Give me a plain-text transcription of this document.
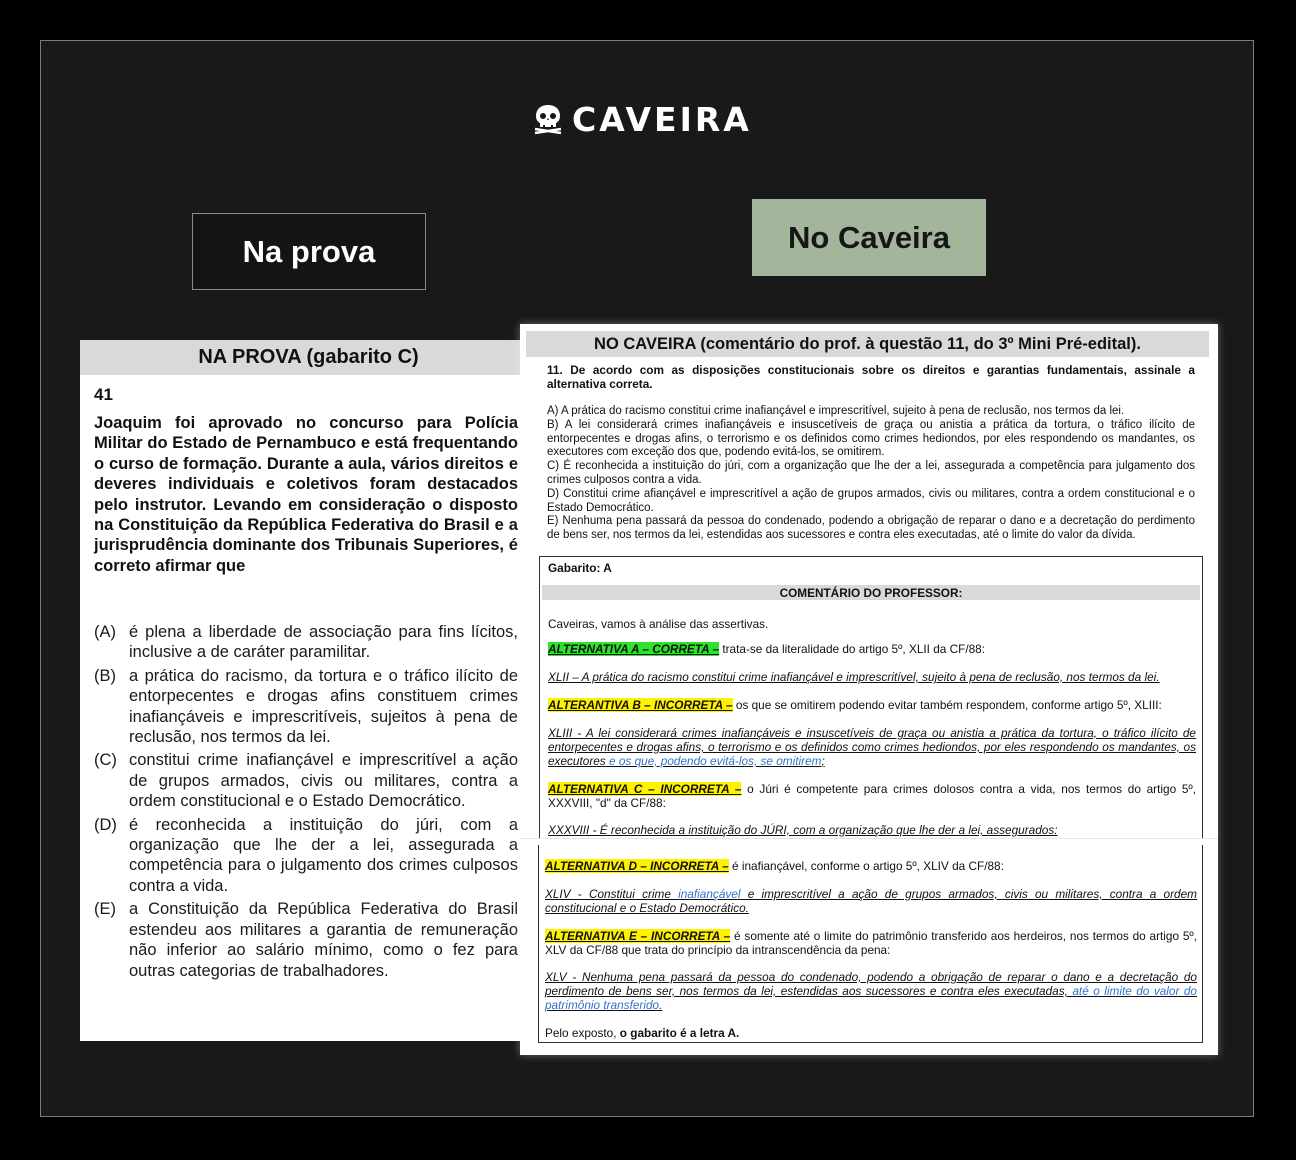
CAVEIRA
Na prova	No Caveira
NA PROVA (gabarito C)
41
Joaquim foi aprovado no concurso para Polícia Militar do Estado de Pernambuco e está frequentando o curso de formação. Durante a aula, vários direitos e deveres individuais e coletivos foram destacados pelo instrutor. Levando em consideração o disposto na Constituição da República Federativa do Brasil e a jurisprudência dominante dos Tribunais Superiores, é correto afirmar que
(A) é plena a liberdade de associação para fins lícitos, inclusive a de caráter paramilitar.
(B) a prática do racismo, da tortura e o tráfico ilícito de entorpecentes e drogas afins constituem crimes inafiançáveis e imprescritíveis, sujeitos à pena de reclusão, nos termos da lei.
(C) constitui crime inafiançável e imprescritível a ação de grupos armados, civis ou militares, contra a ordem constitucional e o Estado Democrático.
(D) é reconhecida a instituição do júri, com a organização que lhe der a lei, assegurada a competência para o julgamento dos crimes culposos contra a vida.
(E) a Constituição da República Federativa do Brasil estendeu aos militares a garantia de remuneração não inferior ao salário mínimo, como o fez para outras categorias de trabalhadores.
NO CAVEIRA (comentário do prof. à questão 11, do 3º Mini Pré-edital).
11. De acordo com as disposições constitucionais sobre os direitos e garantias fundamentais, assinale a alternativa correta.
A) A prática do racismo constitui crime inafiançável e imprescritível, sujeito à pena de reclusão, nos termos da lei.
B) A lei considerará crimes inafiançáveis e insuscetíveis de graça ou anistia a prática da tortura, o tráfico ilícito de entorpecentes e drogas afins, o terrorismo e os definidos como crimes hediondos, por eles respondendo os mandantes, os executores com exceção dos que, podendo evitá-los, se omitirem.
C) É reconhecida a instituição do júri, com a organização que lhe der a lei, assegurada a competência para julgamento dos crimes culposos contra a vida.
D) Constitui crime afiançável e imprescritível a ação de grupos armados, civis ou militares, contra a ordem constitucional e o Estado Democrático.
E) Nenhuma pena passará da pessoa do condenado, podendo a obrigação de reparar o dano e a decretação do perdimento de bens ser, nos termos da lei, estendidas aos sucessores e contra eles executadas, até o limite do valor da dívida.
Gabarito: A
COMENTÁRIO DO PROFESSOR:
Caveiras, vamos à análise das assertivas.
ALTERNATIVA A – CORRETA – trata-se da literalidade do artigo 5º, XLII da CF/88:
XLII – A prática do racismo constitui crime inafiançável e imprescritível, sujeito à pena de reclusão, nos termos da lei.
ALTERANTIVA B – INCORRETA – os que se omitirem podendo evitar também respondem, conforme artigo 5º, XLIII:
XLIII - A lei considerará crimes inafiançáveis e insuscetíveis de graça ou anistia a prática da tortura, o tráfico ilícito de entorpecentes e drogas afins, o terrorismo e os definidos como crimes hediondos, por eles respondendo os mandantes, os executores e os que, podendo evitá-los, se omitirem;
ALTERNATIVA C – INCORRETA – o Júri é competente para crimes dolosos contra a vida, nos termos do artigo 5º, XXXVIII, "d" da CF/88:
XXXVIII - É reconhecida a instituição do JÚRI, com a organização que lhe der a lei, assegurados:
ALTERNATIVA D – INCORRETA – é inafiançável, conforme o artigo 5º, XLIV da CF/88:
XLIV - Constitui crime inafiançável e imprescritível a ação de grupos armados, civis ou militares, contra a ordem constitucional e o Estado Democrático.
ALTERNATIVA E – INCORRETA – é somente até o limite do patrimônio transferido aos herdeiros, nos termos do artigo 5º, XLV da CF/88 que trata do princípio da intranscendência da pena:
XLV - Nenhuma pena passará da pessoa do condenado, podendo a obrigação de reparar o dano e a decretação do perdimento de bens ser, nos termos da lei, estendidas aos sucessores e contra eles executadas, até o limite do valor do patrimônio transferido.
Pelo exposto, o gabarito é a letra A.
